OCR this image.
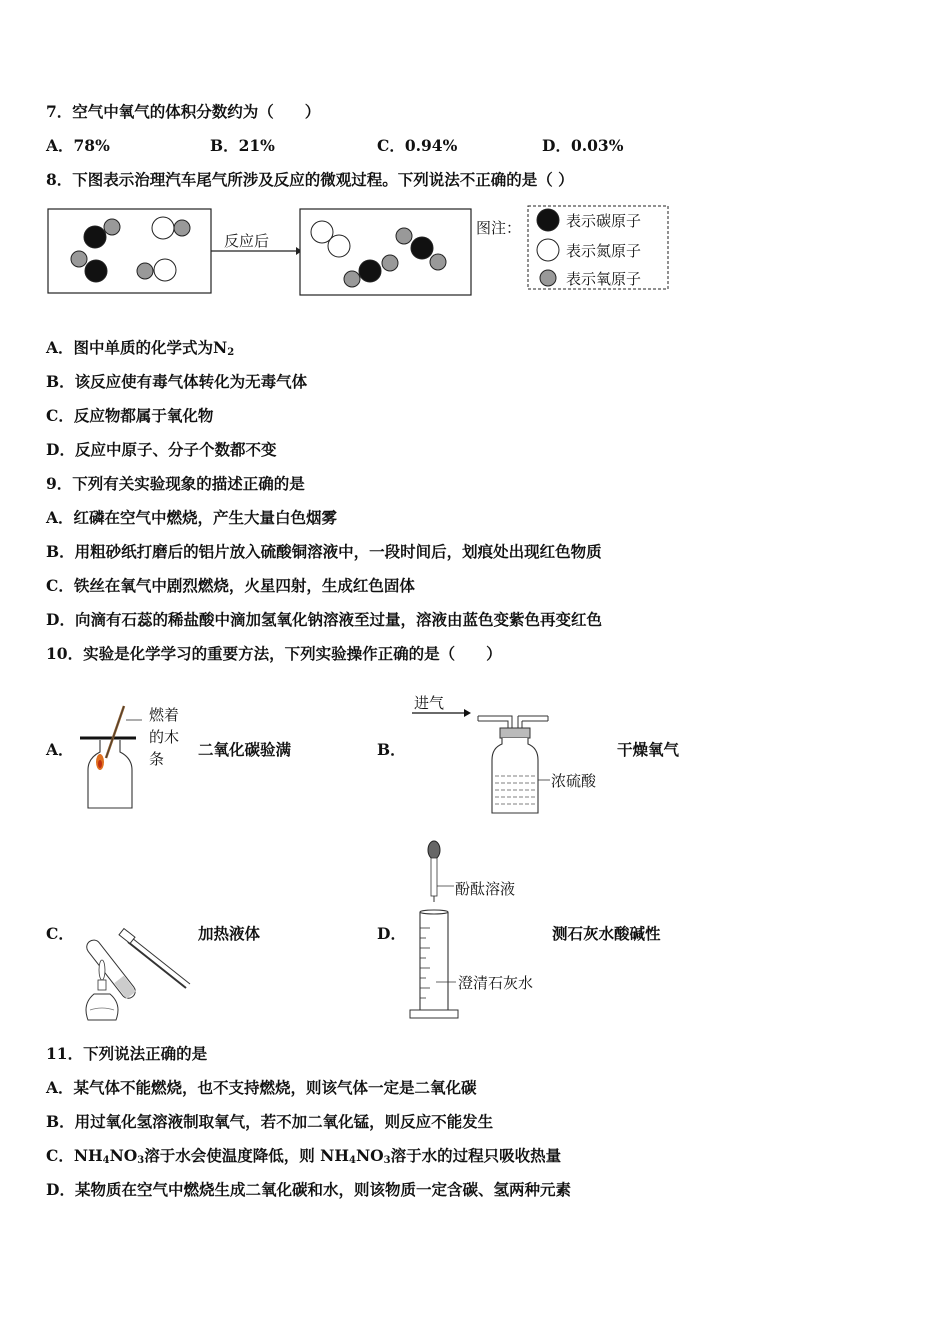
7．空气中氧气的体积分数约为（　　）
A．78%	B．21%	C．0.94%	D．0.03%
8．下图表示治理汽车尾气所涉及反应的微观过程。下列说法不正确的是（ ）
反应后
图注：	表示碳原子
表示氮原子
表示氧原子
A．图中单质的化学式为$N_2$
B．该反应使有毒气体转化为无毒气体
C．反应物都属于氧化物
D．反应中原子、分子个数都不变
9．下列有关实验现象的描述正确的是
A．红磷在空气中燃烧，产生大量白色烟雾
B．用粗砂纸打磨后的铝片放入硫酸铜溶液中，一段时间后，划痕处出现红色物质
C．铁丝在氧气中剧烈燃烧，火星四射，生成红色固体
D．向滴有石蕊的稀盐酸中滴加氢氧化钠溶液至过量，溶液由蓝色变紫色再变红色
10．实验是化学学习的重要方法，下列实验操作正确的是（　　）
A．
燃着
的木
条 二氧化碳验满	B．
进气
浓硫酸
干燥氧气
C．	加热液体	D．
酚酞溶液
澄清石灰水
测石灰水酸碱性
11．下列说法正确的是
A．某气体不能燃烧，也不支持燃烧，则该气体一定是二氧化碳
B．用过氧化氢溶液制取氧气，若不加二氧化锰，则反应不能发生
C．$NH_4NO_3$溶于水会使温度降低，则 $NH_4NO_3$溶于水的过程只吸收热量
D．某物质在空气中燃烧生成二氧化碳和水，则该物质一定含碳、氢两种元素
